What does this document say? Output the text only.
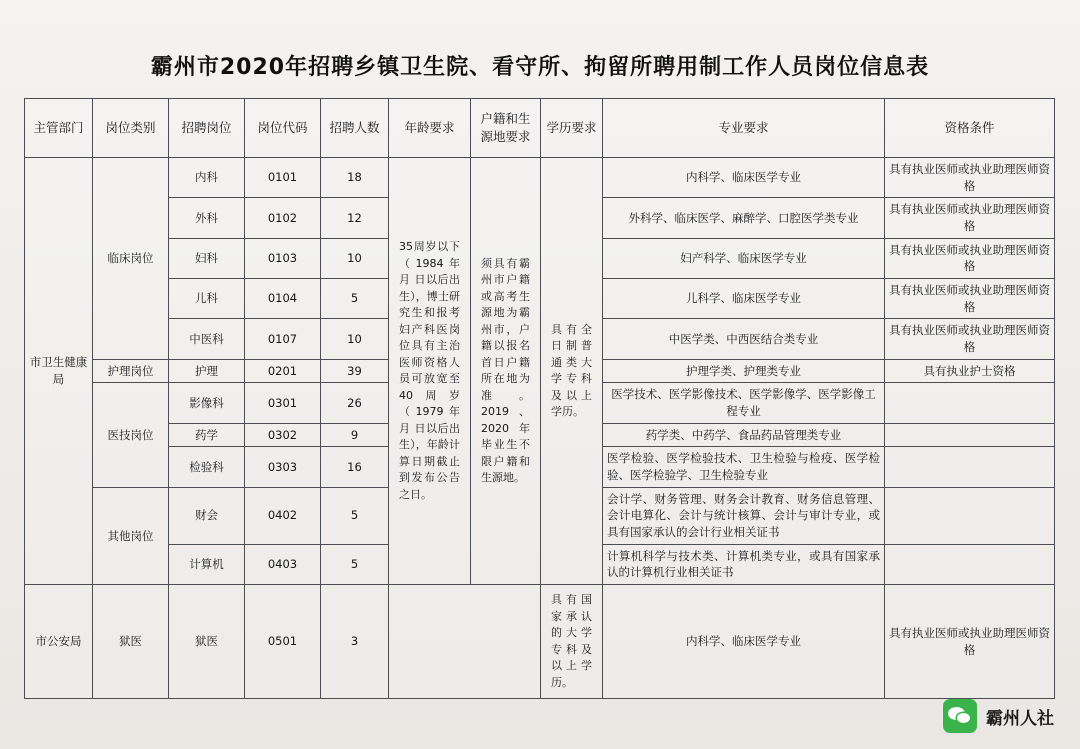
霸州市2020年招聘乡镇卫生院、看守所、拘留所聘用制工作人员岗位信息表
主管部门	岗位类别	招聘岗位	岗位代码	招聘人数	年龄要求	户籍和生源地要求	学历要求	专业要求	资格条件
市卫生健康局	临床岗位	内科	0101	18	35周岁以下（1984年 月 日以后出生），博士研究生和报考妇产科医岗位具有主治医师资格人员可放宽至40周岁（1979年 月 日以后出生），年龄计算日期截止到发布公告之日。	须具有霸州市户籍或高考生源地为霸州市，户籍以报名首日户籍所在地为准。2019、2020年毕业生不限户籍和生源地。	具有全日制普通类大学专科及以上学历。	内科学、临床医学专业	具有执业医师或执业助理医师资格
		外科	0102	12				外科学、临床医学、麻醉学、口腔医学类专业	具有执业医师或执业助理医师资格
		妇科	0103	10				妇产科学、临床医学专业	具有执业医师或执业助理医师资格
		儿科	0104	5				儿科学、临床医学专业	具有执业医师或执业助理医师资格
		中医科	0107	10				中医学类、中西医结合类专业	具有执业医师或执业助理医师资格
	护理岗位	护理	0201	39				护理学类、护理类专业	具有执业护士资格
	医技岗位	影像科	0301	26				医学技术、医学影像技术、医学影像学、医学影像工程专业	
		药学	0302	9				药学类、中药学、食品药品管理类专业	
		检验科	0303	16				医学检验、医学检验技术、卫生检验与检疫、医学检验、医学检验学、卫生检验专业	
	其他岗位	财会	0402	5				会计学、财务管理、财务会计教育、财务信息管理、会计电算化、会计与统计核算、会计与审计专业，或具有国家承认的会计行业相关证书	
		计算机	0403	5				计算机科学与技术类、计算机类专业，或具有国家承认的计算机行业相关证书	
市公安局	狱医	狱医	0501	3			具有国家承认的大学专科及以上学历。	内科学、临床医学专业	具有执业医师或执业助理医师资格
霸州人社
